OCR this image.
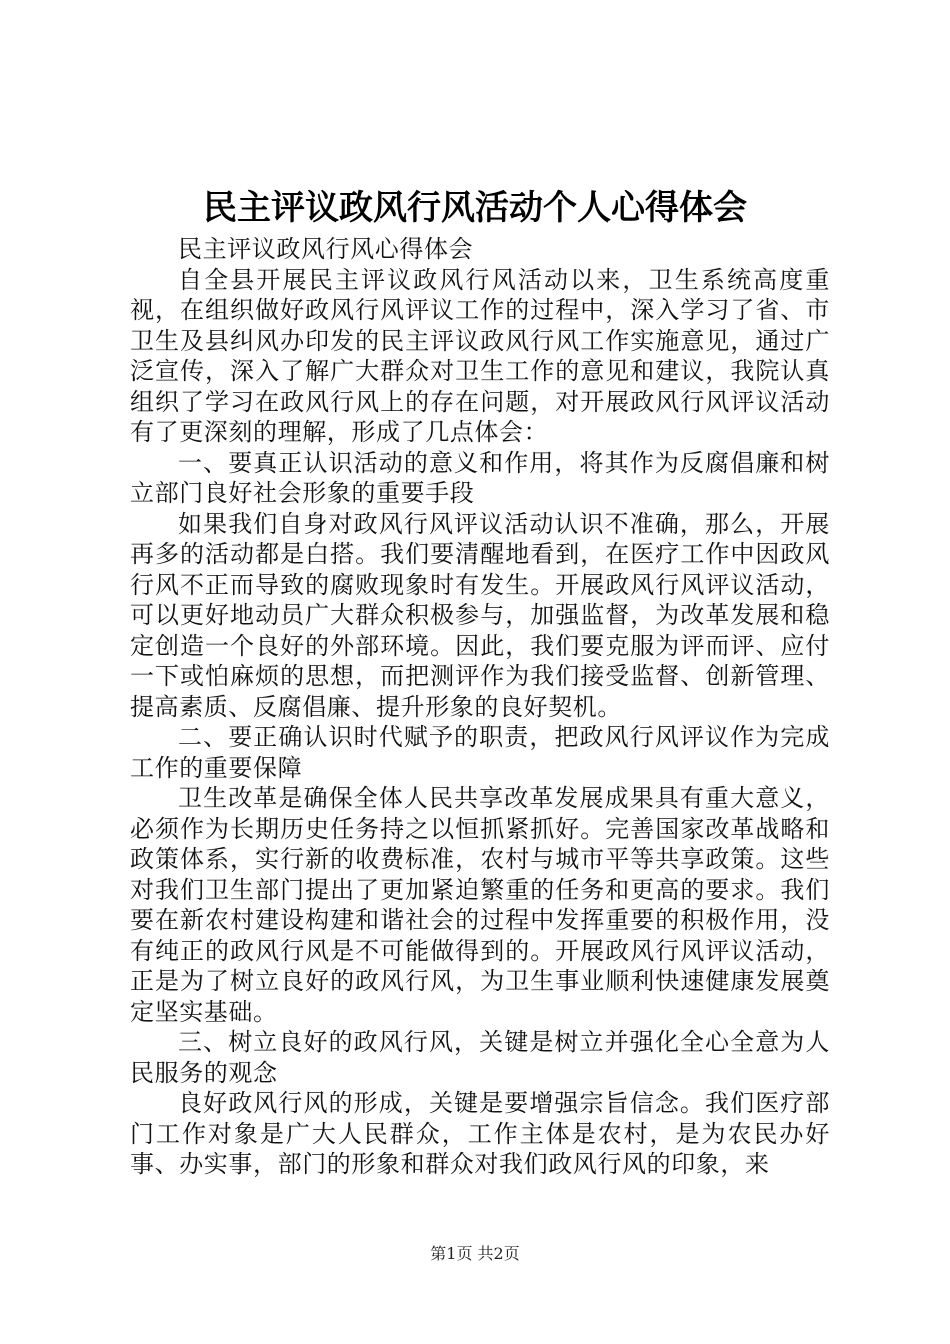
民主评议政风行风活动个人心得体会

民主评议政风行风心得体会

自全县开展民主评议政风行风活动以来，卫生系统高度重视，在组织做好政风行风评议工作的过程中，深入学习了省、市卫生及县纠风办印发的民主评议政风行风工作实施意见，通过广泛宣传，深入了解广大群众对卫生工作的意见和建议，我院认真组织了学习在政风行风上的存在问题，对开展政风行风评议活动有了更深刻的理解，形成了几点体会：

一、要真正认识活动的意义和作用，将其作为反腐倡廉和树立部门良好社会形象的重要手段

如果我们自身对政风行风评议活动认识不准确，那么，开展再多的活动都是白搭。我们要清醒地看到，在医疗工作中因政风行风不正而导致的腐败现象时有发生。开展政风行风评议活动，可以更好地动员广大群众积极参与，加强监督，为改革发展和稳定创造一个良好的外部环境。因此，我们要克服为评而评、应付一下或怕麻烦的思想，而把测评作为我们接受监督、创新管理、提高素质、反腐倡廉、提升形象的良好契机。

二、要正确认识时代赋予的职责，把政风行风评议作为完成工作的重要保障

卫生改革是确保全体人民共享改革发展成果具有重大意义，必须作为长期历史任务持之以恒抓紧抓好。完善国家改革战略和政策体系，实行新的收费标准，农村与城市平等共享政策。这些对我们卫生部门提出了更加紧迫繁重的任务和更高的要求。我们要在新农村建设构建和谐社会的过程中发挥重要的积极作用，没有纯正的政风行风是不可能做得到的。开展政风行风评议活动，正是为了树立良好的政风行风，为卫生事业顺利快速健康发展奠定坚实基础。

三、树立良好的政风行风，关键是树立并强化全心全意为人民服务的观念

良好政风行风的形成，关键是要增强宗旨信念。我们医疗部门工作对象是广大人民群众，工作主体是农村，是为农民办好事、办实事，部门的形象和群众对我们政风行风的印象，来

第1页 共2页
